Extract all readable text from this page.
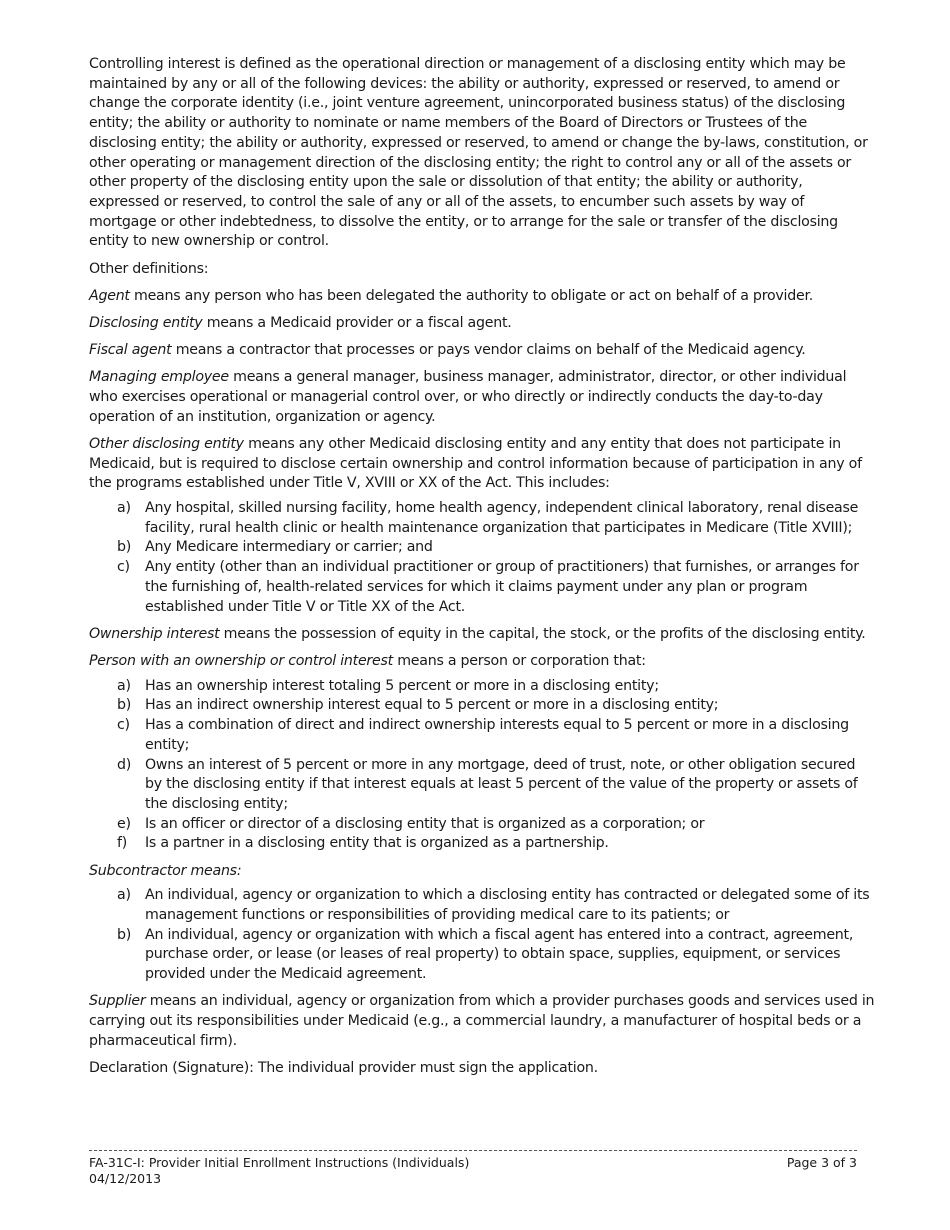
Controlling interest is defined as the operational direction or management of a disclosing entity which may be maintained by any or all of the following devices: the ability or authority, expressed or reserved, to amend or change the corporate identity (i.e., joint venture agreement, unincorporated business status) of the disclosing entity; the ability or authority to nominate or name members of the Board of Directors or Trustees of the disclosing entity; the ability or authority, expressed or reserved, to amend or change the by-laws, constitution, or other operating or management direction of the disclosing entity; the right to control any or all of the assets or other property of the disclosing entity upon the sale or dissolution of that entity; the ability or authority, expressed or reserved, to control the sale of any or all of the assets, to encumber such assets by way of mortgage or other indebtedness, to dissolve the entity, or to arrange for the sale or transfer of the disclosing entity to new ownership or control.

Other definitions:

Agent means any person who has been delegated the authority to obligate or act on behalf of a provider.

Disclosing entity means a Medicaid provider or a fiscal agent.

Fiscal agent means a contractor that processes or pays vendor claims on behalf of the Medicaid agency.

Managing employee means a general manager, business manager, administrator, director, or other individual who exercises operational or managerial control over, or who directly or indirectly conducts the day-to-day operation of an institution, organization or agency.

Other disclosing entity means any other Medicaid disclosing entity and any entity that does not participate in Medicaid, but is required to disclose certain ownership and control information because of participation in any of the programs established under Title V, XVIII or XX of the Act. This includes:

a) Any hospital, skilled nursing facility, home health agency, independent clinical laboratory, renal disease facility, rural health clinic or health maintenance organization that participates in Medicare (Title XVIII);
b) Any Medicare intermediary or carrier; and
c) Any entity (other than an individual practitioner or group of practitioners) that furnishes, or arranges for the furnishing of, health-related services for which it claims payment under any plan or program established under Title V or Title XX of the Act.

Ownership interest means the possession of equity in the capital, the stock, or the profits of the disclosing entity.

Person with an ownership or control interest means a person or corporation that:

a) Has an ownership interest totaling 5 percent or more in a disclosing entity;
b) Has an indirect ownership interest equal to 5 percent or more in a disclosing entity;
c) Has a combination of direct and indirect ownership interests equal to 5 percent or more in a disclosing entity;
d) Owns an interest of 5 percent or more in any mortgage, deed of trust, note, or other obligation secured by the disclosing entity if that interest equals at least 5 percent of the value of the property or assets of the disclosing entity;
e) Is an officer or director of a disclosing entity that is organized as a corporation; or
f) Is a partner in a disclosing entity that is organized as a partnership.

Subcontractor means:

a) An individual, agency or organization to which a disclosing entity has contracted or delegated some of its management functions or responsibilities of providing medical care to its patients; or
b) An individual, agency or organization with which a fiscal agent has entered into a contract, agreement, purchase order, or lease (or leases of real property) to obtain space, supplies, equipment, or services provided under the Medicaid agreement.

Supplier means an individual, agency or organization from which a provider purchases goods and services used in carrying out its responsibilities under Medicaid (e.g., a commercial laundry, a manufacturer of hospital beds or a pharmaceutical firm).

Declaration (Signature): The individual provider must sign the application.

FA-31C-I: Provider Initial Enrollment Instructions (Individuals)	Page 3 of 3
04/12/2013
